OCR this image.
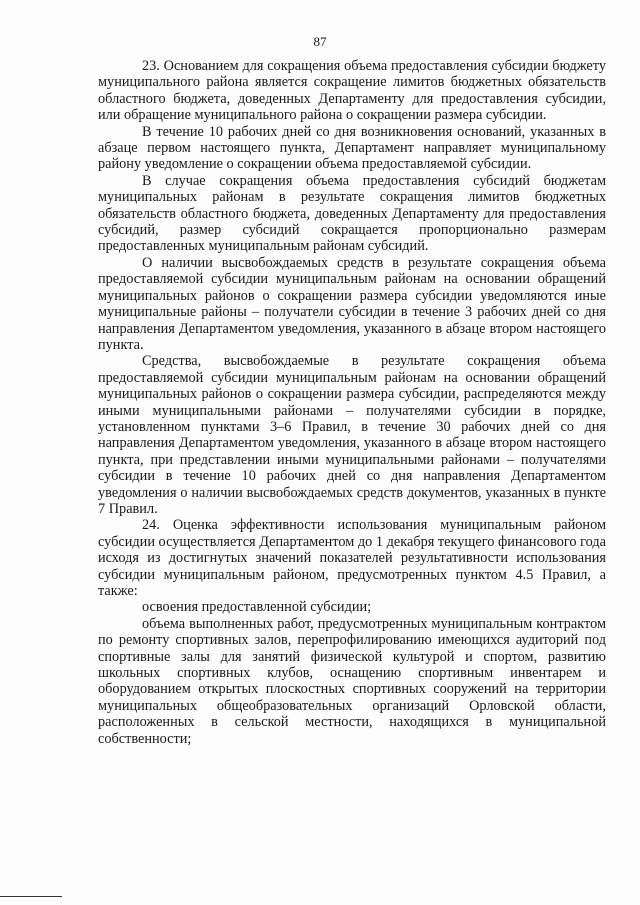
87

23. Основанием для сокращения объема предоставления субсидии бюджету муниципального района является сокращение лимитов бюджетных обязательств областного бюджета, доведенных Департаменту для предоставления субсидии, или обращение муниципального района о сокращении размера субсидии.

В течение 10 рабочих дней со дня возникновения оснований, указанных в абзаце первом настоящего пункта, Департамент направляет муниципальному району уведомление о сокращении объема предоставляемой субсидии.

В случае сокращения объема предоставления субсидий бюджетам муниципальных районам в результате сокращения лимитов бюджетных обязательств областного бюджета, доведенных Департаменту для предоставления субсидий, размер субсидий сокращается пропорционально размерам предоставленных муниципальным районам субсидий.

О наличии высвобождаемых средств в результате сокращения объема предоставляемой субсидии муниципальным районам на основании обращений муниципальных районов о сокращении размера субсидии уведомляются иные муниципальные районы – получатели субсидии в течение 3 рабочих дней со дня направления Департаментом уведомления, указанного в абзаце втором настоящего пункта.

Средства, высвобождаемые в результате сокращения объема предоставляемой субсидии муниципальным районам на основании обращений муниципальных районов о сокращении размера субсидии, распределяются между иными муниципальными районами – получателями субсидии в порядке, установленном пунктами 3–6 Правил, в течение 30 рабочих дней со дня направления Департаментом уведомления, указанного в абзаце втором настоящего пункта, при представлении иными муниципальными районами – получателями субсидии в течение 10 рабочих дней со дня направления Департаментом уведомления о наличии высвобождаемых средств документов, указанных в пункте 7 Правил.

24. Оценка эффективности использования муниципальным районом субсидии осуществляется Департаментом до 1 декабря текущего финансового года исходя из достигнутых значений показателей результативности использования субсидии муниципальным районом, предусмотренных пунктом 4.5 Правил, а также:

освоения предоставленной субсидии;

объема выполненных работ, предусмотренных муниципальным контрактом по ремонту спортивных залов, перепрофилированию имеющихся аудиторий под спортивные залы для занятий физической культурой и спортом, развитию школьных спортивных клубов, оснащению спортивным инвентарем и оборудованием открытых плоскостных спортивных сооружений на территории муниципальных общеобразовательных организаций Орловской области, расположенных в сельской местности, находящихся в муниципальной собственности;
